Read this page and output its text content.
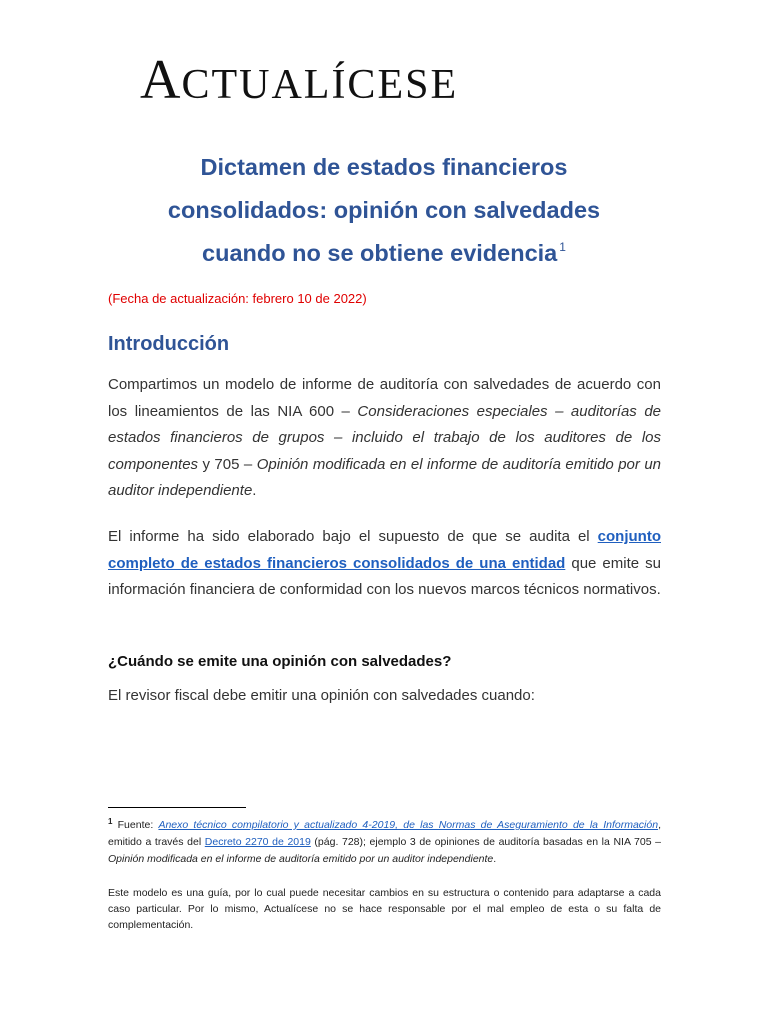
ACTUALÍCESE
Dictamen de estados financieros
consolidados: opinión con salvedades
cuando no se obtiene evidencia $^1$
(Fecha de actualización: febrero 10 de 2022)
Introducción
Compartimos un modelo de informe de auditoría con salvedades de acuerdo con los lineamientos de las NIA 600 – Consideraciones especiales – auditorías de estados financieros de grupos – incluido el trabajo de los auditores de los componentes y 705 – Opinión modificada en el informe de auditoría emitido por un auditor independiente.
El informe ha sido elaborado bajo el supuesto de que se audita el conjunto completo de estados financieros consolidados de una entidad que emite su información financiera de conformidad con los nuevos marcos técnicos normativos.
¿Cuándo se emite una opinión con salvedades?
El revisor fiscal debe emitir una opinión con salvedades cuando:
$^1$ Fuente: Anexo técnico compilatorio y actualizado 4-2019, de las Normas de Aseguramiento de la Información, emitido a través del Decreto 2270 de 2019 (pág. 728); ejemplo 3 de opiniones de auditoría basadas en la NIA 705 – Opinión modificada en el informe de auditoría emitido por un auditor independiente.
Este modelo es una guía, por lo cual puede necesitar cambios en su estructura o contenido para adaptarse a cada caso particular. Por lo mismo, Actualícese no se hace responsable por el mal empleo de esta o su falta de complementación.
